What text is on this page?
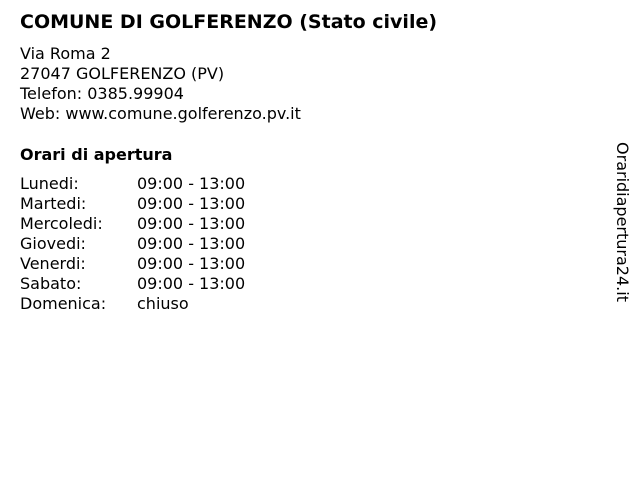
COMUNE DI GOLFERENZO (Stato civile)
Via Roma 2
27047 GOLFERENZO (PV)
Telefon: 0385.99904
Web: www.comune.golferenzo.pv.it
Orari di apertura
Lunedi:	09:00 - 13:00
Martedi:	09:00 - 13:00
Mercoledi: 09:00 - 13:00
Giovedi:	09:00 - 13:00
Venerdi:	09:00 - 13:00
Sabato:	09:00 - 13:00
Domenica: chiuso
Oraridiapertura24.it
